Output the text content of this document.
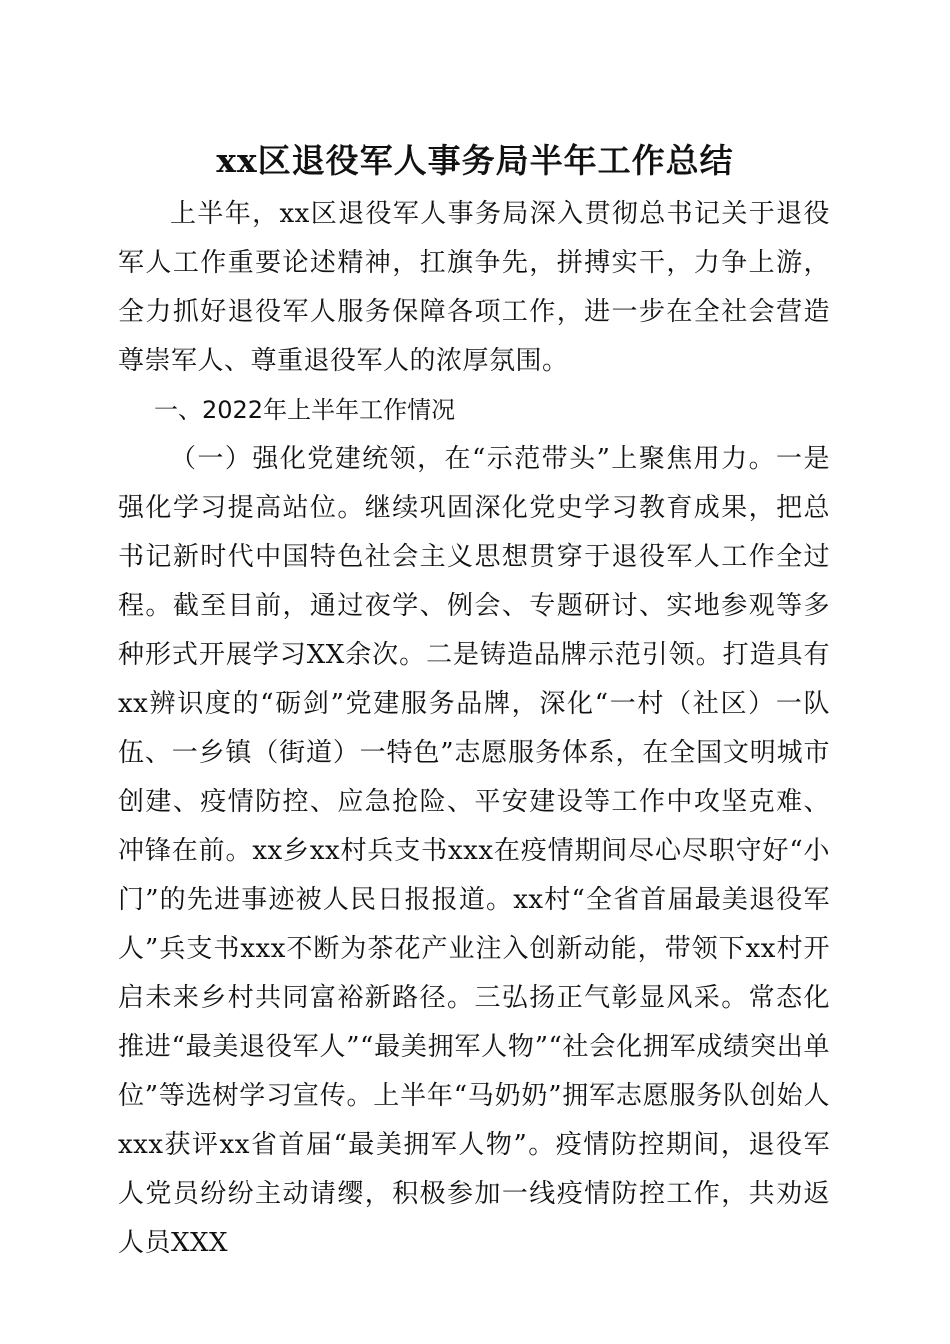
xx区退役军人事务局半年工作总结

上半年，xx区退役军人事务局深入贯彻总书记关于退役军人工作重要论述精神，扛旗争先，拼搏实干，力争上游，全力抓好退役军人服务保障各项工作，进一步在全社会营造尊崇军人、尊重退役军人的浓厚氛围。

一、2022年上半年工作情况

（一）强化党建统领，在“示范带头”上聚焦用力。一是强化学习提高站位。继续巩固深化党史学习教育成果，把总书记新时代中国特色社会主义思想贯穿于退役军人工作全过程。截至目前，通过夜学、例会、专题研讨、实地参观等多种形式开展学习XX余次。二是铸造品牌示范引领。打造具有xx辨识度的“砺剑”党建服务品牌，深化“一村（社区）一队伍、一乡镇（街道）一特色”志愿服务体系，在全国文明城市创建、疫情防控、应急抢险、平安建设等工作中攻坚克难、冲锋在前。xx乡xx村兵支书xxx在疫情期间尽心尽职守好“小门”的先进事迹被人民日报报道。xx村“全省首届最美退役军人”兵支书xxx不断为茶花产业注入创新动能，带领下xx村开启未来乡村共同富裕新路径。三弘扬正气彰显风采。常态化推进“最美退役军人”“最美拥军人物”“社会化拥军成绩突出单位”等选树学习宣传。上半年“马奶奶”拥军志愿服务队创始人xxx获评xx省首届“最美拥军人物”。疫情防控期间，退役军人党员纷纷主动请缨，积极参加一线疫情防控工作，共劝返人员XXX
